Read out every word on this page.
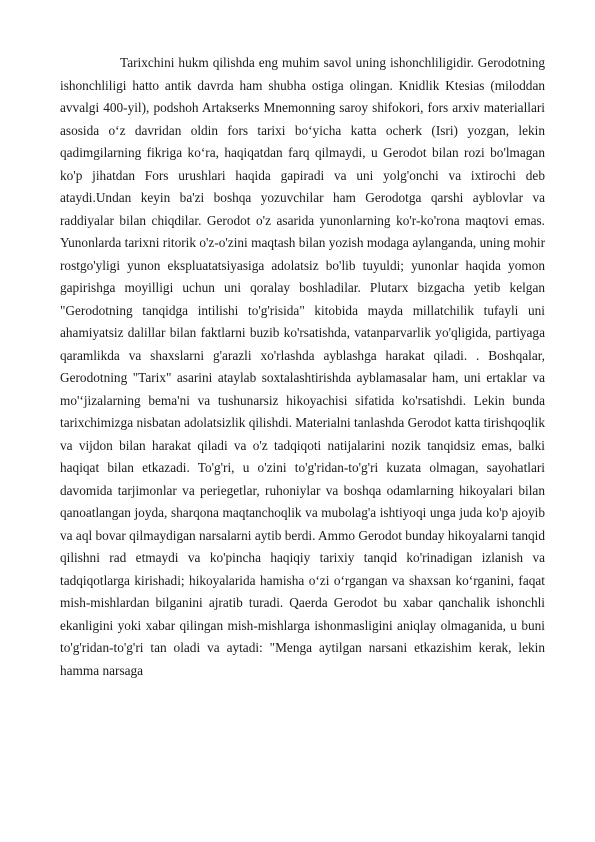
Tarixchini hukm qilishda eng muhim savol uning ishonchliligidir. Gerodotning ishonchliligi hatto antik davrda ham shubha ostiga olingan. Knidlik Ktesias (miloddan avvalgi 400-yil), podshoh Artakserks Mnemonning saroy shifokori, fors arxiv materiallari asosida o‘z davridan oldin fors tarixi bo‘yicha katta ocherk (Isri) yozgan, lekin qadimgilarning fikriga ko‘ra, haqiqatdan farq qilmaydi, u Gerodot bilan rozi bo'lmagan ko'p jihatdan Fors urushlari haqida gapiradi va uni yolg'onchi va ixtirochi deb ataydi.Undan keyin ba'zi boshqa yozuvchilar ham Gerodotga qarshi ayblovlar va raddiyalar bilan chiqdilar. Gerodot o'z asarida yunonlarning ko'r-ko'rona maqtovi emas. Yunonlarda tarixni ritorik o'z-o'zini maqtash bilan yozish modaga aylanganda, uning mohir rostgo'yligi yunon ekspluatatsiyasiga adolatsiz bo'lib tuyuldi; yunonlar haqida yomon gapirishga moyilligi uchun uni qoralay boshladilar. Plutarx bizgacha yetib kelgan "Gerodotning tanqidga intilishi to'g'risida" kitobida mayda millatchilik tufayli uni ahamiyatsiz dalillar bilan faktlarni buzib ko'rsatishda, vatanparvarlik yo'qligida, partiyaga qaramlikda va shaxslarni g'arazli xo'rlashda ayblashga harakat qiladi. . Boshqalar, Gerodotning "Tarix" asarini ataylab soxtalashtirishda ayblamasalar ham, uni ertaklar va mo'‘jizalarning bema'ni va tushunarsiz hikoyachisi sifatida ko'rsatishdi. Lekin bunda tarixchimizga nisbatan adolatsizlik qilishdi. Materialni tanlashda Gerodot katta tirishqoqlik va vijdon bilan harakat qiladi va o'z tadqiqoti natijalarini nozik tanqidsiz emas, balki haqiqat bilan etkazadi. To'g'ri, u o'zini to'g'ridan-to'g'ri kuzata olmagan, sayohatlari davomida tarjimonlar va periegetlar, ruhoniylar va boshqa odamlarning hikoyalari bilan qanoatlangan joyda, sharqona maqtanchoqlik va mubolag'a ishtiyoqi unga juda ko'p ajoyib va aql bovar qilmaydigan narsalarni aytib berdi. Ammo Gerodot bunday hikoyalarni tanqid qilishni rad etmaydi va ko'pincha haqiqiy tarixiy tanqid ko'rinadigan izlanish va tadqiqotlarga kirishadi; hikoyalarida hamisha o‘zi o‘rgangan va shaxsan ko‘rganini, faqat mish-mishlardan bilganini ajratib turadi. Qaerda Gerodot bu xabar qanchalik ishonchli ekanligini yoki xabar qilingan mish-mishlarga ishonmasligini aniqlay olmaganida, u buni to'g'ridan-to'g'ri tan oladi va aytadi: "Menga aytilgan narsani etkazishim kerak, lekin hamma narsaga
